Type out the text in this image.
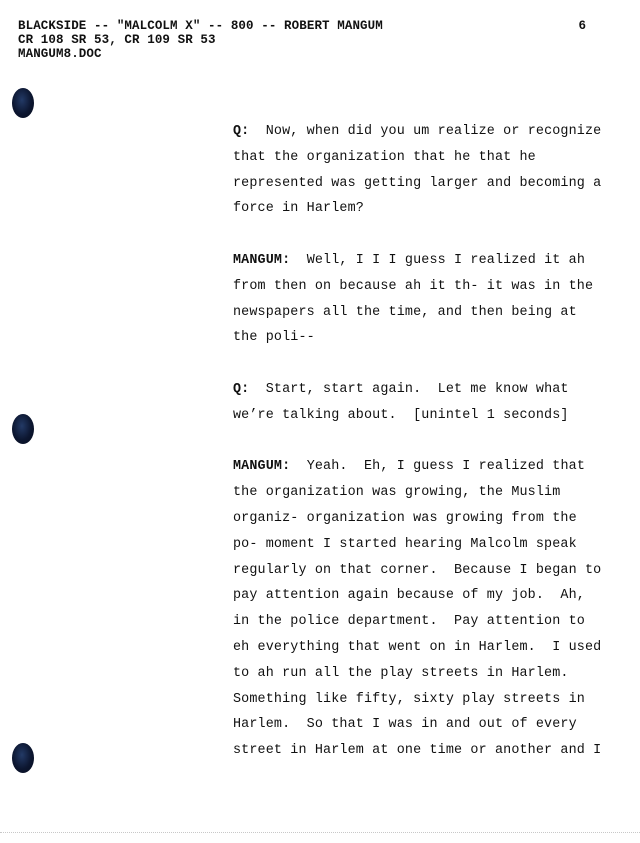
BLACKSIDE -- "MALCOLM X" -- 800 -- ROBERT MANGUM
CR 108 SR 53, CR 109 SR 53
MANGUM8.DOC
6
Q: Now, when did you um realize or recognize
that the organization that he that he
represented was getting larger and becoming a
force in Harlem?
MANGUM: Well, I I I guess I realized it ah
from then on because ah it th- it was in the
newspapers all the time, and then being at
the poli--
Q: Start, start again.  Let me know what
we’re talking about.  [unintel 1 seconds]
MANGUM: Yeah.  Eh, I guess I realized that
the organization was growing, the Muslim
organiz- organization was growing from the
po- moment I started hearing Malcolm speak
regularly on that corner.  Because I began to
pay attention again because of my job.  Ah,
in the police department.  Pay attention to
eh everything that went on in Harlem.  I used
to ah run all the play streets in Harlem.
Something like fifty, sixty play streets in
Harlem.  So that I was in and out of every
street in Harlem at one time or another and I
